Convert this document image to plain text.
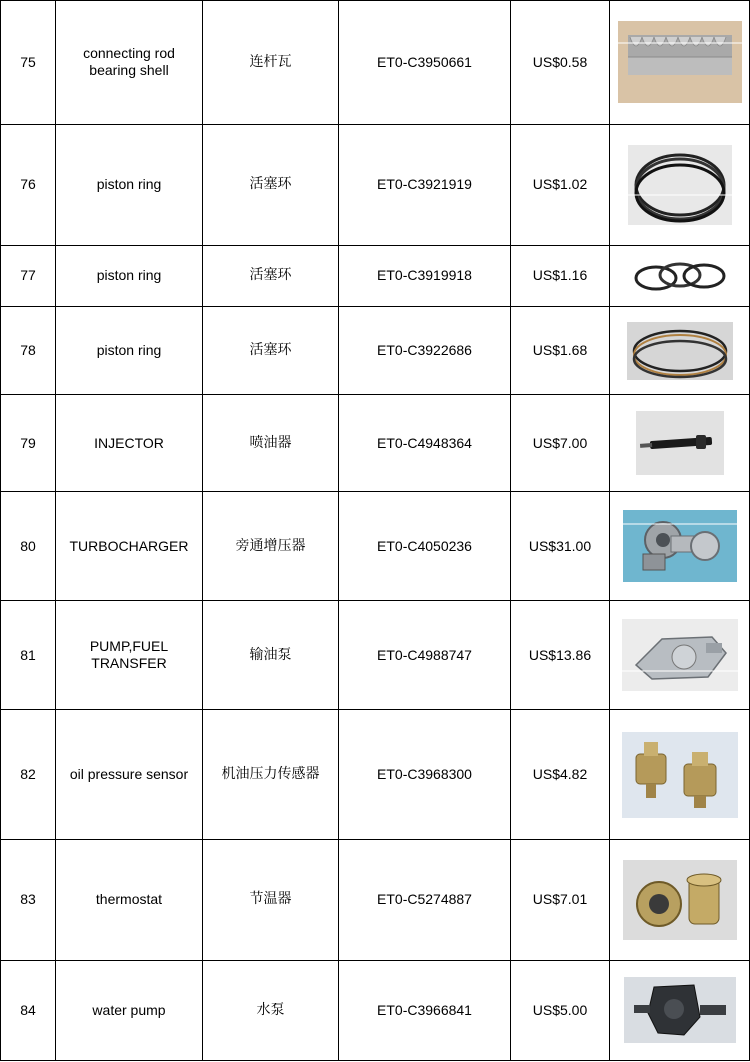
75	connecting rod bearing shell	连杆瓦	ET0-C3950661	US$0.58	

76	piston ring	活塞环	ET0-C3921919	US$1.02	

77	piston ring	活塞环	ET0-C3919918	US$1.16	

78	piston ring	活塞环	ET0-C3922686	US$1.68	

79	INJECTOR	喷油器	ET0-C4948364	US$7.00	

80	TURBOCHARGER	旁通增压器	ET0-C4050236	US$31.00	

81	PUMP,FUEL TRANSFER	输油泵	ET0-C4988747	US$13.86	

82	oil pressure sensor	机油压力传感器	ET0-C3968300	US$4.82	

83	thermostat	节温器	ET0-C5274887	US$7.01	

84	water pump	水泵	ET0-C3966841	US$5.00	
